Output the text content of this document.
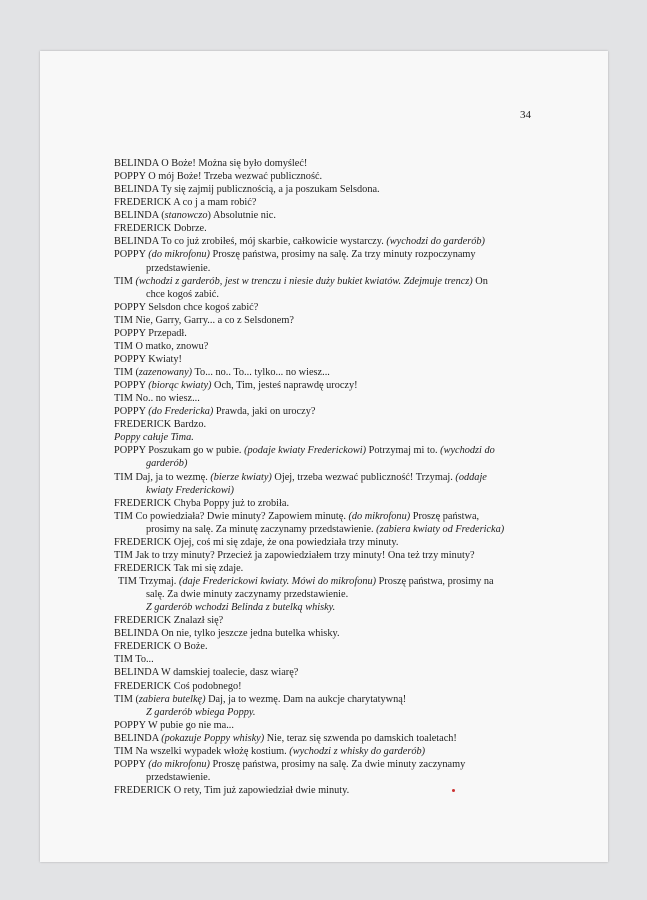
34
BELINDA O Boże! Można się było domyśleć!
POPPY O mój Boże! Trzeba wezwać publiczność.
BELINDA Ty się zajmij publicznością, a ja poszukam Selsdona.
FREDERICK A co j a mam robić?
BELINDA (stanowczo) Absolutnie nic.
FREDERICK Dobrze.
BELINDA To co już zrobiłeś, mój skarbie, całkowicie wystarczy. (wychodzi do garderób)
POPPY (do mikrofonu) Proszę państwa, prosimy na salę. Za trzy minuty rozpoczynamy
przedstawienie.
TIM (wchodzi z garderób, jest w trenczu i niesie duży bukiet kwiatów. Zdejmuje trencz) On
chce kogoś zabić.
POPPY Selsdon chce kogoś zabić?
TIM Nie, Garry, Garry... a co z Selsdonem?
POPPY Przepadł.
TIM O matko, znowu?
POPPY Kwiaty!
TIM (zazenowany) To... no.. To... tylko... no wiesz...
POPPY (biorąc kwiaty) Och, Tim, jesteś naprawdę uroczy!
TIM No.. no wiesz...
POPPY (do Fredericka) Prawda, jaki on uroczy?
FREDERICK Bardzo.
Poppy całuje Tima.
POPPY Poszukam go w pubie. (podaje kwiaty Frederickowi) Potrzymaj mi to. (wychodzi do
garderób)
TIM Daj, ja to wezmę. (bierze kwiaty) Ojej, trzeba wezwać publiczność! Trzymaj. (oddaje
kwiaty Frederickowi)
FREDERICK Chyba Poppy już to zrobiła.
TIM Co powiedziała? Dwie minuty? Zapowiem minutę. (do mikrofonu) Proszę państwa,
prosimy na salę. Za minutę zaczynamy przedstawienie. (zabiera kwiaty od Fredericka)
FREDERICK Ojej, coś mi się zdaje, że ona powiedziała trzy minuty.
TIM Jak to trzy minuty? Przecież ja zapowiedziałem trzy minuty! Ona też trzy minuty?
FREDERICK Tak mi się zdaje.
TIM Trzymaj. (daje Frederickowi kwiaty. Mówi do mikrofonu) Proszę państwa, prosimy na
salę. Za dwie minuty zaczynamy przedstawienie.
Z garderób wchodzi Belinda z butelką whisky.
FREDERICK Znalazł się?
BELINDA On nie, tylko jeszcze jedna butelka whisky.
FREDERICK O Boże.
TIM To...
BELINDA W damskiej toalecie, dasz wiarę?
FREDERICK Coś podobnego!
TIM (zabiera butelkę) Daj, ja to wezmę. Dam na aukcje charytatywną!
Z garderób wbiega Poppy.
POPPY W pubie go nie ma...
BELINDA (pokazuje Poppy whisky) Nie, teraz się szwenda po damskich toaletach!
TIM Na wszelki wypadek włożę kostium. (wychodzi z whisky do garderób)
POPPY (do mikrofonu) Proszę państwa, prosimy na salę. Za dwie minuty zaczynamy
przedstawienie.
FREDERICK O rety, Tim już zapowiedział dwie minuty.
